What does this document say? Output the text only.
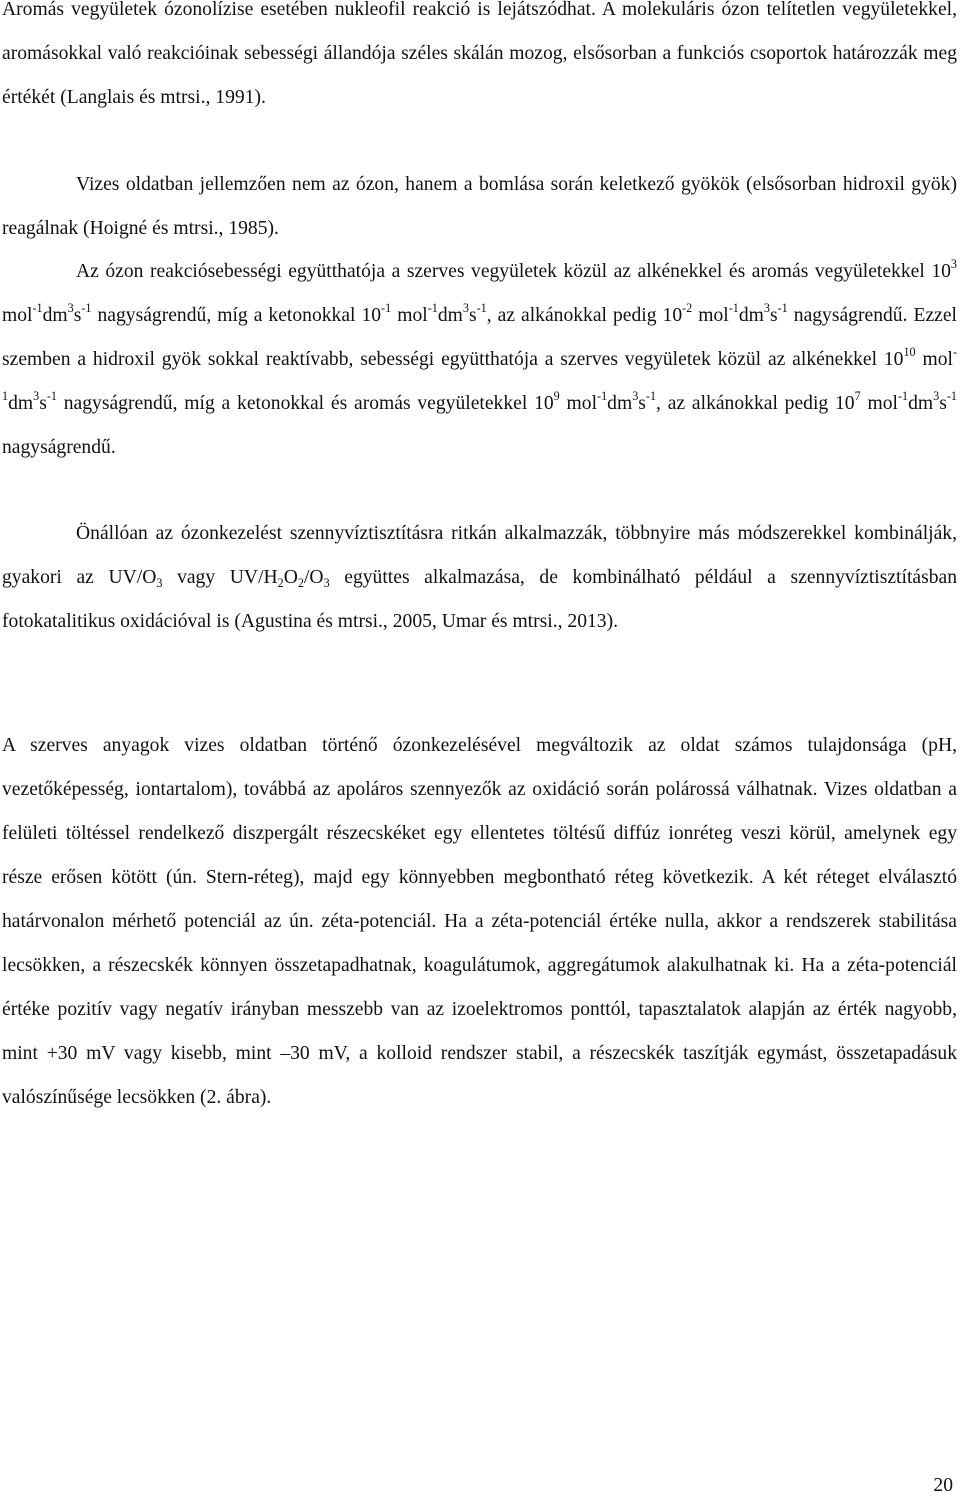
Aromás vegyületek ózonolízise esetében nukleofil reakció is lejátszódhat. A molekuláris ózon telítetlen vegyületekkel, aromásokkal való reakcióinak sebességi állandója széles skálán mozog, elsősorban a funkciós csoportok határozzák meg értékét (Langlais és mtrsi., 1991).

Vizes oldatban jellemzően nem az ózon, hanem a bomlása során keletkező gyökök (elsősorban hidroxil gyök) reagálnak (Hoigné és mtrsi., 1985).

Az ózon reakciósebességi együtthatója a szerves vegyületek közül az alkénekkel és aromás vegyületekkel $10^3$ $mol^{-1}dm^3s^{-1}$ nagyságrendű, míg a ketonokkal $10^{-1}$ $mol^{-1}dm^3s^{-1}$, az alkánokkal pedig $10^{-2}$ $mol^{-1}dm^3s^{-1}$ nagyságrendű. Ezzel szemben a hidroxil gyök sokkal reaktívabb, sebességi együtthatója a szerves vegyületek közül az alkénekkel $10^{10}$ $mol^{-1}dm^3s^{-1}$ nagyságrendű, míg a ketonokkal és aromás vegyületekkel $10^9$ $mol^{-1}dm^3s^{-1}$, az alkánokkal pedig $10^7$ $mol^{-1}dm^3s^{-1}$ nagyságrendű.

Önállóan az ózonkezelést szennyvíztisztításra ritkán alkalmazzák, többnyire más módszerekkel kombinálják, gyakori az $UV/O_3$ vagy $UV/H_2O_2/O_3$ együttes alkalmazása, de kombinálható például a szennyvíztisztításban fotokatalitikus oxidációval is (Agustina és mtrsi., 2005, Umar és mtrsi., 2013).

A szerves anyagok vizes oldatban történő ózonkezelésével megváltozik az oldat számos tulajdonsága (pH, vezetőképesség, iontartalom), továbbá az apoláros szennyezők az oxidáció során polárossá válhatnak. Vizes oldatban a felületi töltéssel rendelkező diszpergált részecskéket egy ellentetes töltésű diffúz ionréteg veszi körül, amelynek egy része erősen kötött (ún. Stern-réteg), majd egy könnyebben megbontható réteg következik. A két réteget elválasztó határvonalon mérhető potenciál az ún. zéta-potenciál. Ha a zéta-potenciál értéke nulla, akkor a rendszerek stabilitása lecsökken, a részecskék könnyen összetapadhatnak, koagulátumok, aggregátumok alakulhatnak ki. Ha a zéta-potenciál értéke pozitív vagy negatív irányban messzebb van az izoelektromos ponttól, tapasztalatok alapján az érték nagyobb, mint +30 mV vagy kisebb, mint –30 mV, a kolloid rendszer stabil, a részecskék taszítják egymást, összetapadásuk valószínűsége lecsökken (2. ábra).

20
